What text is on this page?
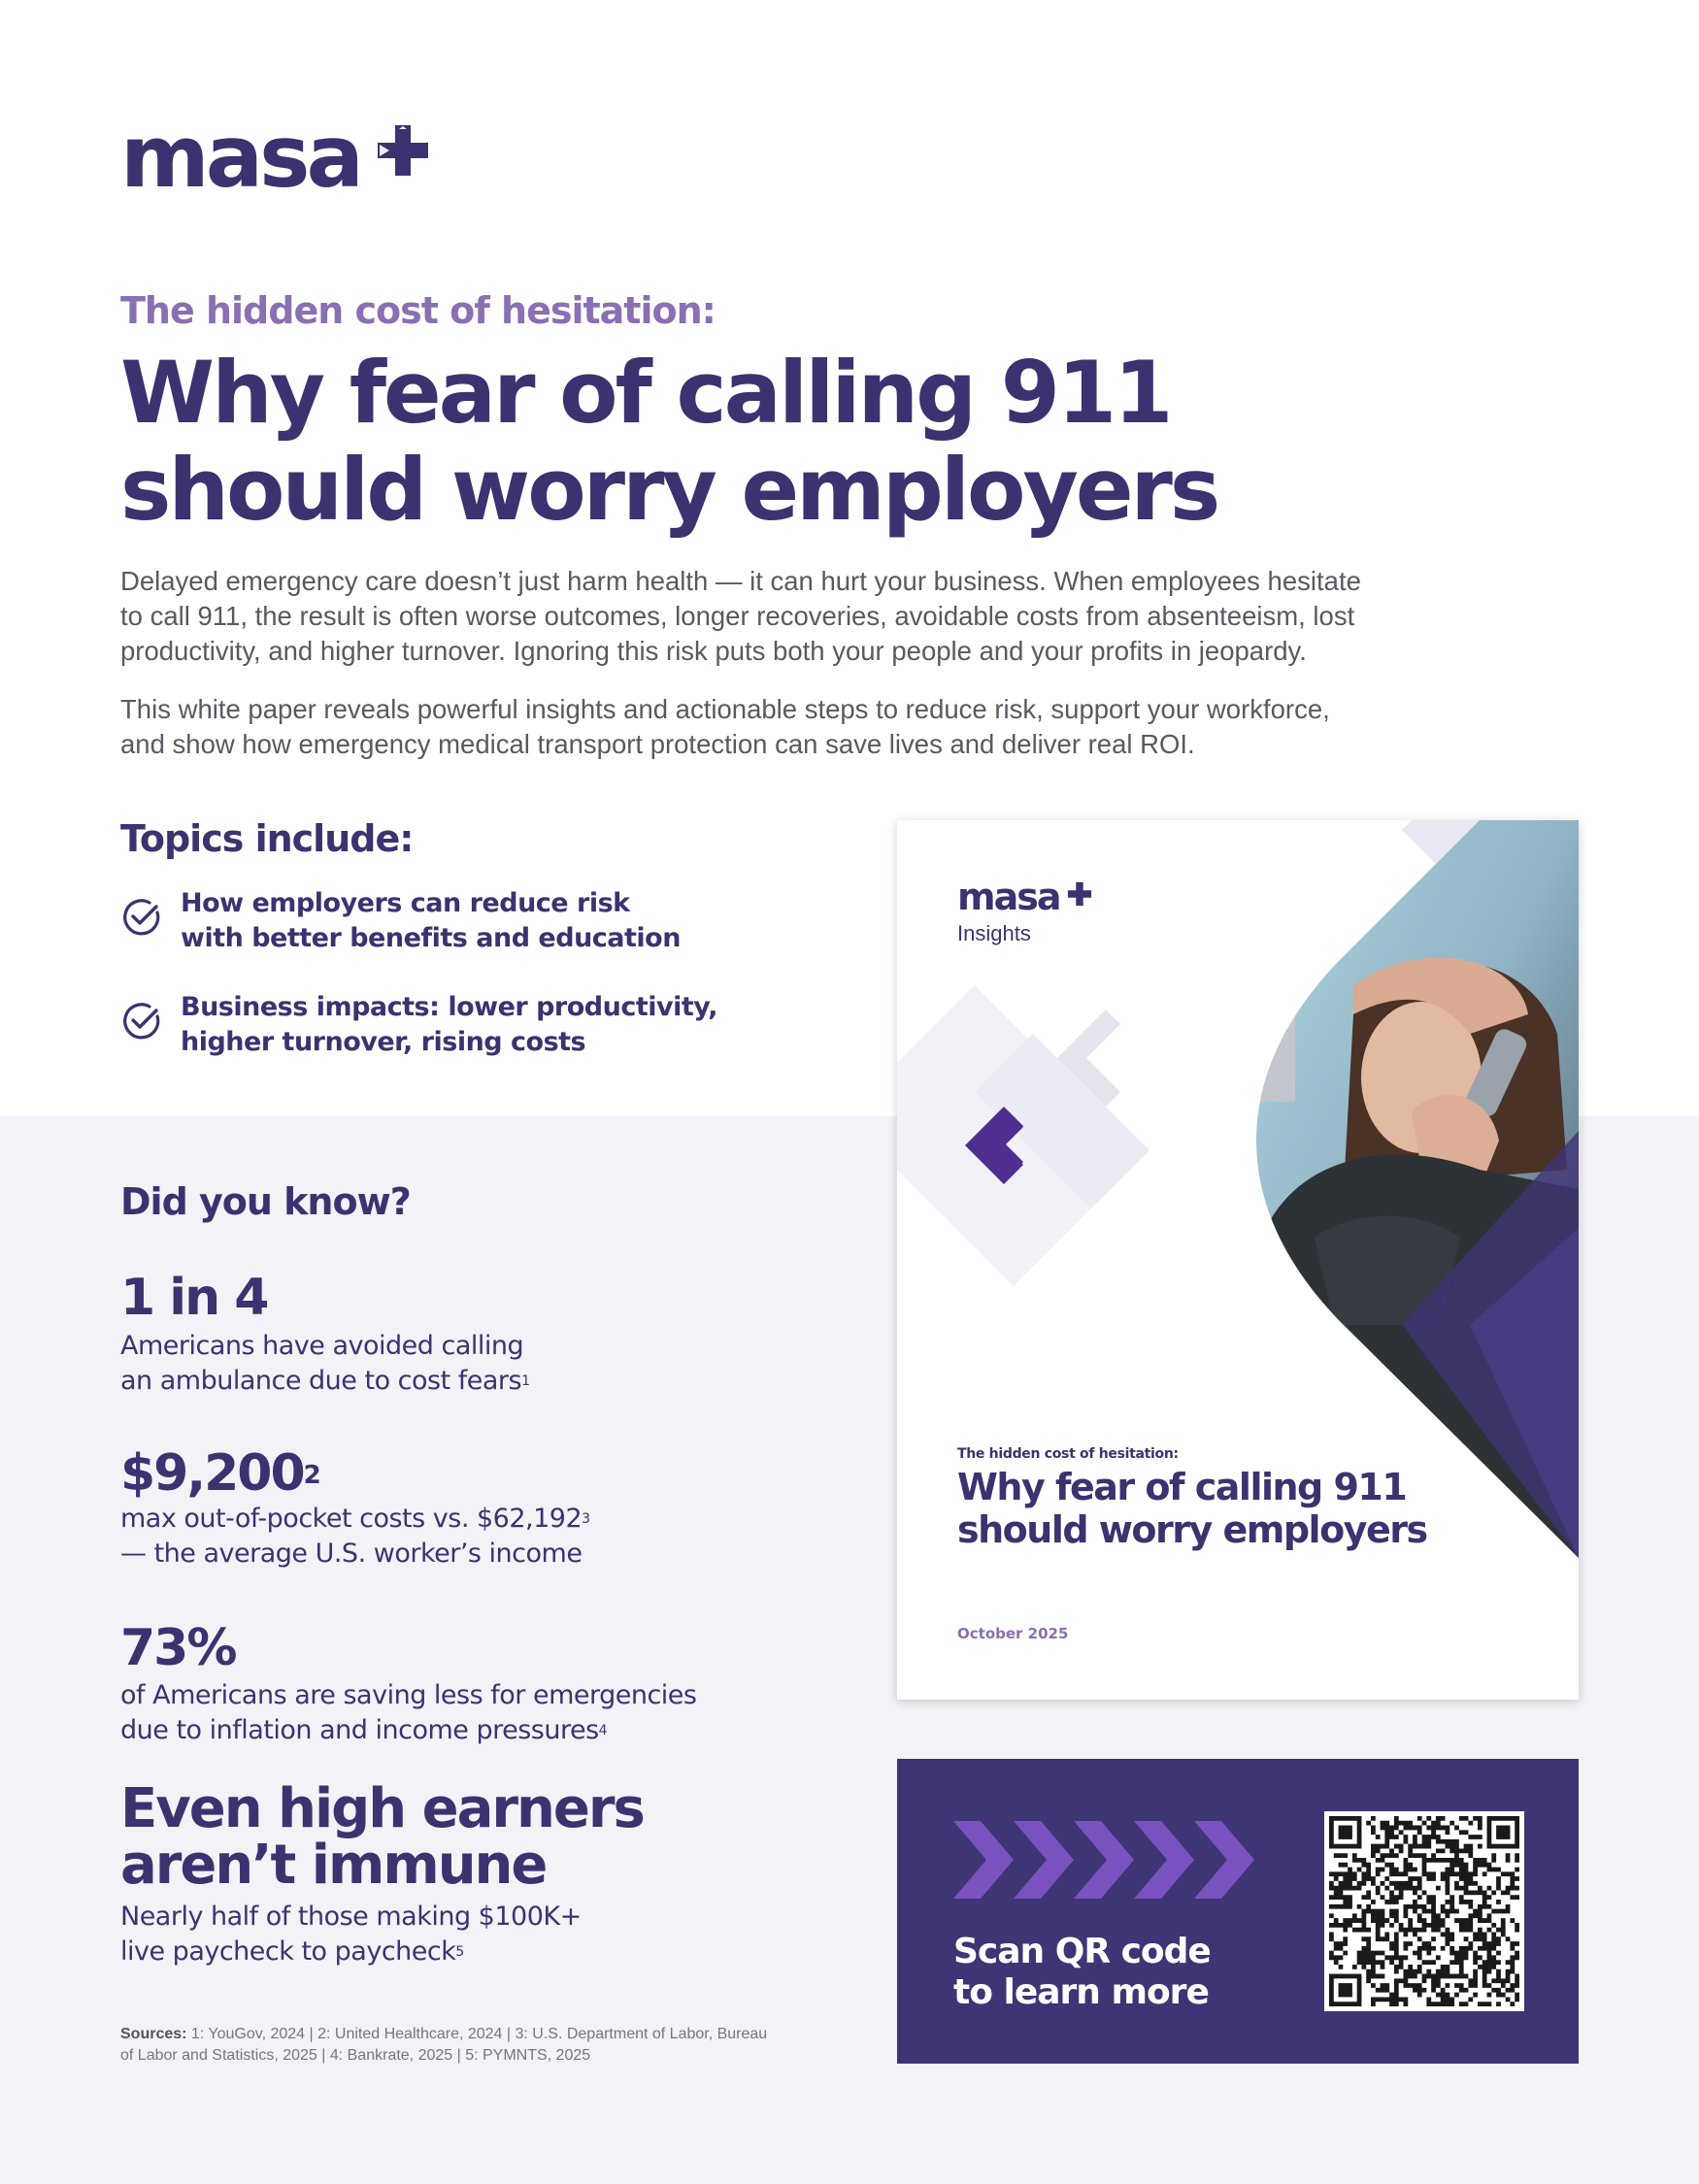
masa
The hidden cost of hesitation:
Why fear of calling 911
should worry employers

Delayed emergency care doesn’t just harm health — it can hurt your business. When employees hesitate

to call 911, the result is often worse outcomes, longer recoveries, avoidable costs from absenteeism, lost

productivity, and higher turnover. Ignoring this risk puts both your people and your profits in jeopardy.

This white paper reveals powerful insights and actionable steps to reduce risk, support your workforce,

and show how emergency medical transport protection can save lives and deliver real ROI.

Topics include:
How employers can reduce risk
with better benefits and education
Business impacts: lower productivity,
higher turnover, rising costs
Did you know?
1 in 4
Americans have avoided calling
an ambulance due to cost fears$^1$
$9,200$^2$
max out-of-pocket costs vs. $62,192$^3$
— the average U.S. worker’s income
73%
of Americans are saving less for emergencies
due to inflation and income pressures$^4$
Even high earners
aren’t immune
Nearly half of those making $100K+
live paycheck to paycheck$^5$
Sources: 1: YouGov, 2024 | 2: United Healthcare, 2024 | 3: U.S. Department of Labor, Bureau of Labor and Statistics, 2025 | 4: Bankrate, 2025 | 5: PYMNTS, 2025
masa
Insights
The hidden cost of hesitation:
Why fear of calling 911
should worry employers
October 2025
Scan QR code
to learn more
